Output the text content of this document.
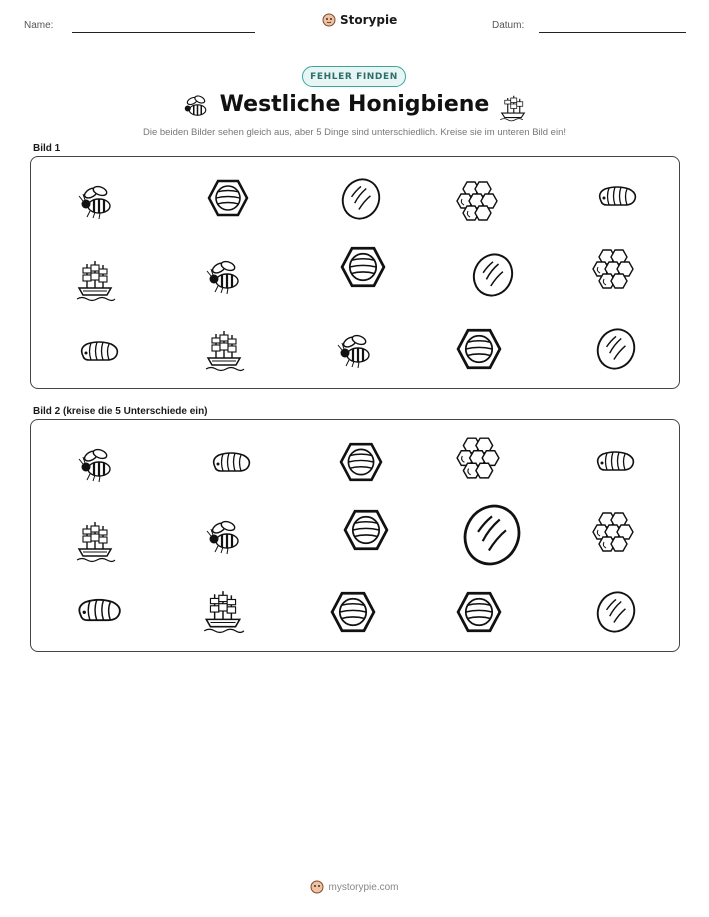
Name:	Storypie	Datum:
FEHLER FINDEN
Westliche Honigbiene
Die beiden Bilder sehen gleich aus, aber 5 Dinge sind unterschiedlich. Kreise sie im unteren Bild ein!
Bild 1
Bild 2 (kreise die 5 Unterschiede ein)
mystorypie.com
